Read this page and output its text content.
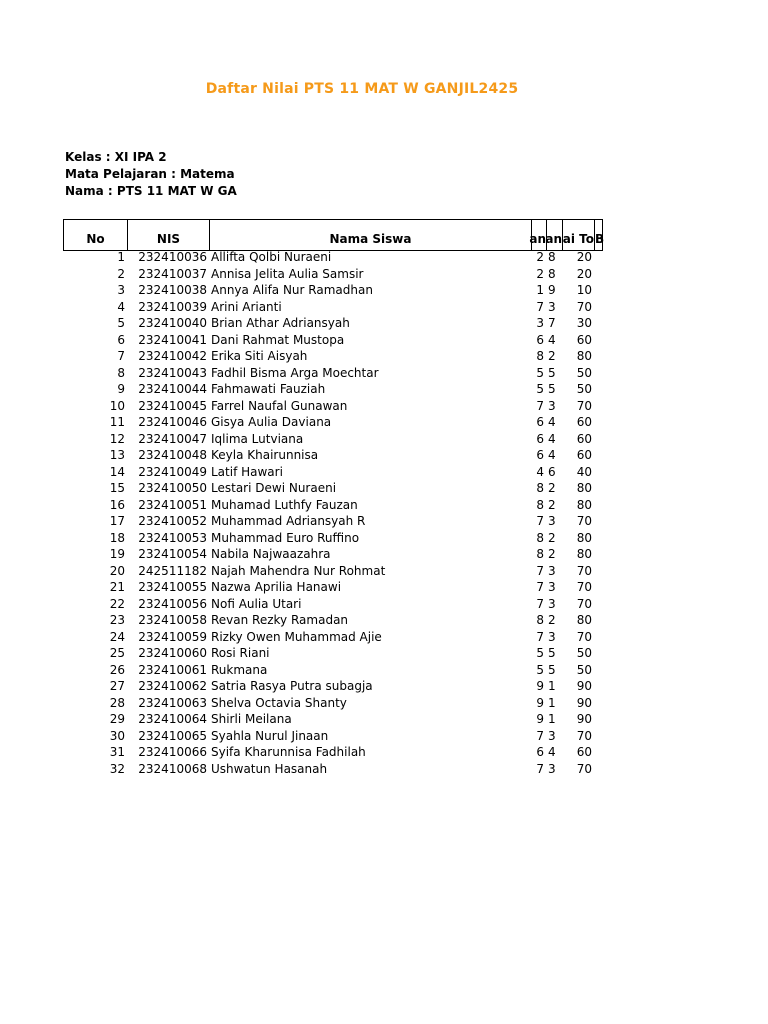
Daftar Nilai PTS 11 MAT W GANJIL2425
Kelas : XI IPA 2
Mata Pelajaran : Matema
Nama : PTS 11 MAT W GA
No	NIS	Nama Siswa	an an ai To B
1	232410036 Allifta Qolbi Nuraeni	2 8	20
2	232410037 Annisa Jelita Aulia Samsir	2 8	20
3	232410038 Annya Alifa Nur Ramadhan	1 9	10
4	232410039 Arini Arianti	7 3	70
5	232410040 Brian Athar Adriansyah	3 7	30
6	232410041 Dani Rahmat Mustopa	6 4	60
7	232410042 Erika Siti Aisyah	8 2	80
8	232410043 Fadhil Bisma Arga Moechtar	5 5	50
9	232410044 Fahmawati Fauziah	5 5	50
10	232410045 Farrel Naufal Gunawan	7 3	70
11	232410046 Gisya Aulia Daviana	6 4	60
12	232410047 Iqlima Lutviana	6 4	60
13	232410048 Keyla Khairunnisa	6 4	60
14	232410049 Latif Hawari	4 6	40
15	232410050 Lestari Dewi Nuraeni	8 2	80
16	232410051 Muhamad Luthfy Fauzan	8 2	80
17	232410052 Muhammad Adriansyah R	7 3	70
18	232410053 Muhammad Euro Ruffino	8 2	80
19	232410054 Nabila Najwaazahra	8 2	80
20	242511182 Najah Mahendra Nur Rohmat	7 3	70
21	232410055 Nazwa Aprilia Hanawi	7 3	70
22	232410056 Nofi Aulia Utari	7 3	70
23	232410058 Revan Rezky Ramadan	8 2	80
24	232410059 Rizky Owen Muhammad Ajie	7 3	70
25	232410060 Rosi Riani	5 5	50
26	232410061 Rukmana	5 5	50
27	232410062 Satria Rasya Putra subagja	9 1	90
28	232410063 Shelva Octavia Shanty	9 1	90
29	232410064 Shirli Meilana	9 1	90
30	232410065 Syahla Nurul Jinaan	7 3	70
31	232410066 Syifa Kharunnisa Fadhilah	6 4	60
32	232410068 Ushwatun Hasanah	7 3	70
